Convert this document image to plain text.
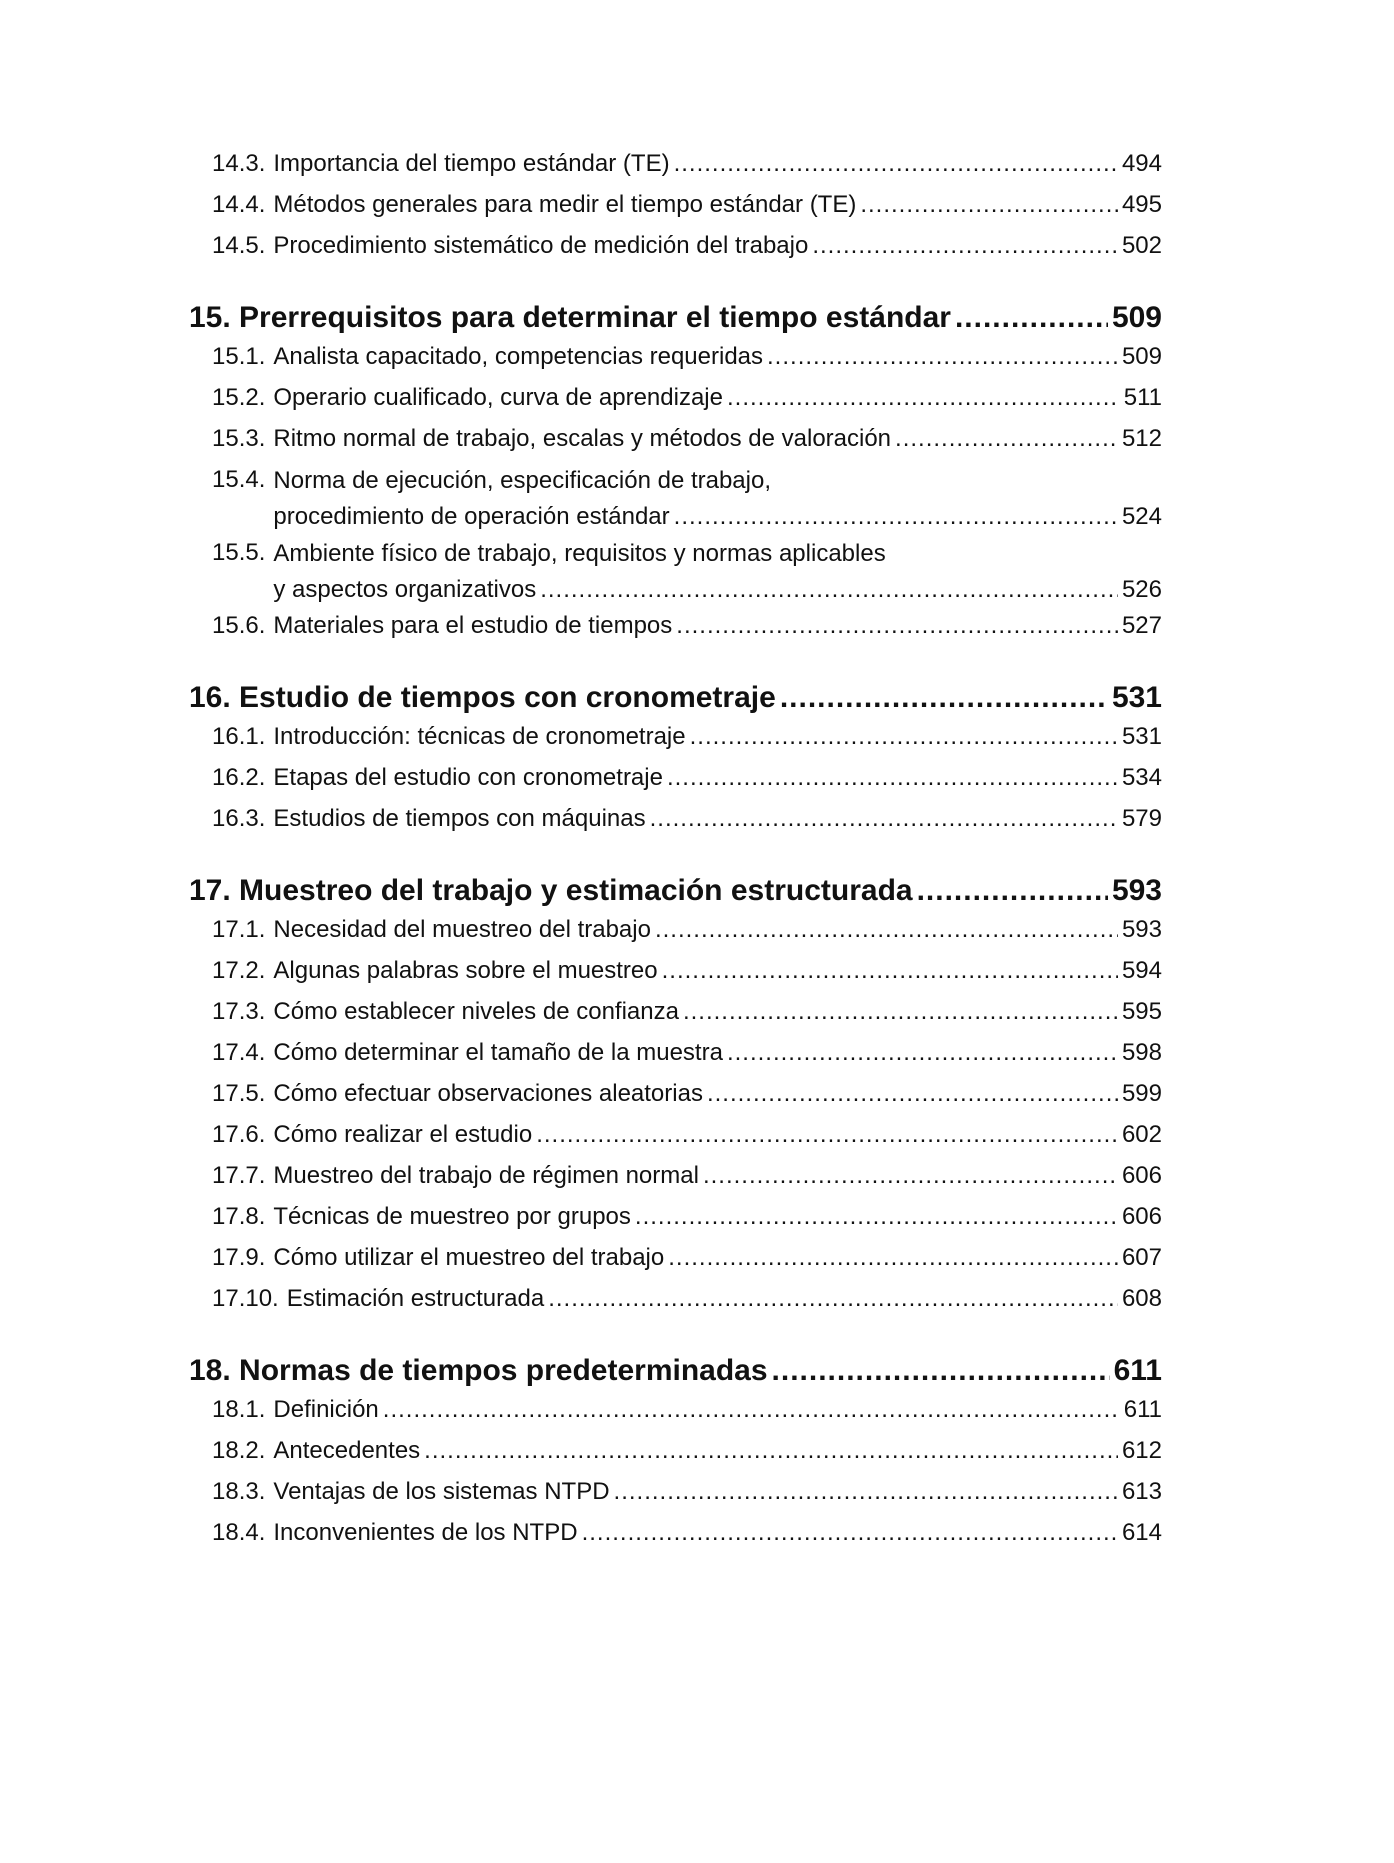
14.3. Importancia del tiempo estándar (TE) .....	494
14.4. Métodos generales para medir el tiempo estándar (TE) .....	495
14.5. Procedimiento sistemático de medición del trabajo .....	502
15. Prerrequisitos para determinar el tiempo estándar .....	509
15.1. Analista capacitado, competencias requeridas .....	509
15.2. Operario cualificado, curva de aprendizaje .....	511
15.3. Ritmo normal de trabajo, escalas y métodos de valoración .....	512
15.4. Norma de ejecución, especificación de trabajo,
procedimiento de operación estándar .....	524
15.5. Ambiente físico de trabajo, requisitos y normas aplicables
y aspectos organizativos .....	526
15.6. Materiales para el estudio de tiempos .....	527
16. Estudio de tiempos con cronometraje .....	531
16.1. Introducción: técnicas de cronometraje .....	531
16.2. Etapas del estudio con cronometraje .....	534
16.3. Estudios de tiempos con máquinas .....	579
17. Muestreo del trabajo y estimación estructurada .....	593
17.1. Necesidad del muestreo del trabajo .....	593
17.2. Algunas palabras sobre el muestreo .....	594
17.3. Cómo establecer niveles de confianza .....	595
17.4. Cómo determinar el tamaño de la muestra .....	598
17.5. Cómo efectuar observaciones aleatorias .....	599
17.6. Cómo realizar el estudio .....	602
17.7. Muestreo del trabajo de régimen normal .....	606
17.8. Técnicas de muestreo por grupos .....	606
17.9. Cómo utilizar el muestreo del trabajo .....	607
17.10. Estimación estructurada .....	608
18. Normas de tiempos predeterminadas .....	611
18.1. Definición .....	611
18.2. Antecedentes .....	612
18.3. Ventajas de los sistemas NTPD .....	613
18.4. Inconvenientes de los NTPD .....	614
